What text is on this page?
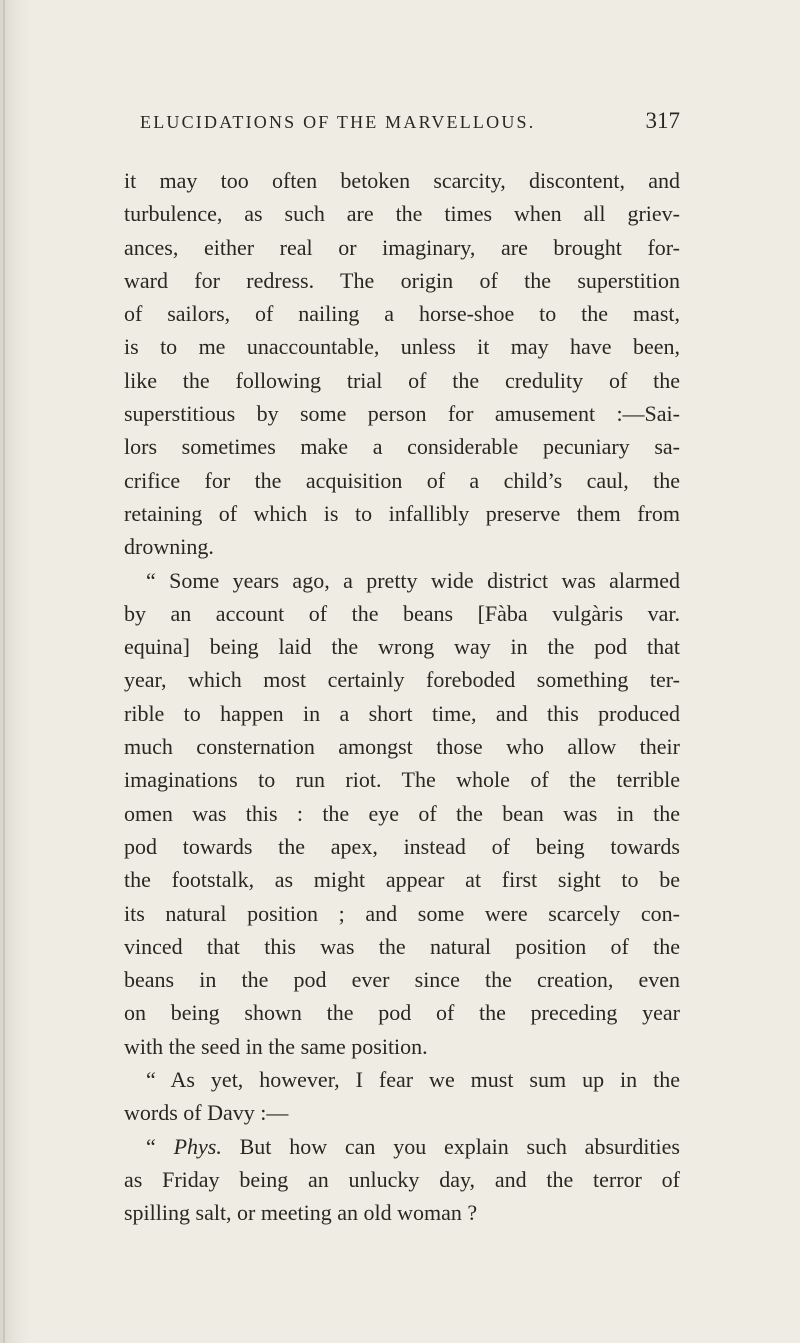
ELUCIDATIONS OF THE MARVELLOUS.	317
it may too often betoken scarcity, discontent, and
turbulence, as such are the times when all griev-
ances, either real or imaginary, are brought for-
ward for redress. The origin of the superstition
of sailors, of nailing a horse-shoe to the mast,
is to me unaccountable, unless it may have been,
like the following trial of the credulity of the
superstitious by some person for amusement :—Sai-
lors sometimes make a considerable pecuniary sa-
crifice for the acquisition of a child’s caul, the
retaining of which is to infallibly preserve them from
drowning.
“ Some years ago, a pretty wide district was alarmed
by an account of the beans [Fàba vulgàris var.
equina] being laid the wrong way in the pod that
year, which most certainly foreboded something ter-
rible to happen in a short time, and this produced
much consternation amongst those who allow their
imaginations to run riot. The whole of the terrible
omen was this : the eye of the bean was in the
pod towards the apex, instead of being towards
the footstalk, as might appear at first sight to be
its natural position ; and some were scarcely con-
vinced that this was the natural position of the
beans in the pod ever since the creation, even
on being shown the pod of the preceding year
with the seed in the same position.
“ As yet, however, I fear we must sum up in the
words of Davy :—
“ Phys. But how can you explain such absurdities
as Friday being an unlucky day, and the terror of
spilling salt, or meeting an old woman ?
